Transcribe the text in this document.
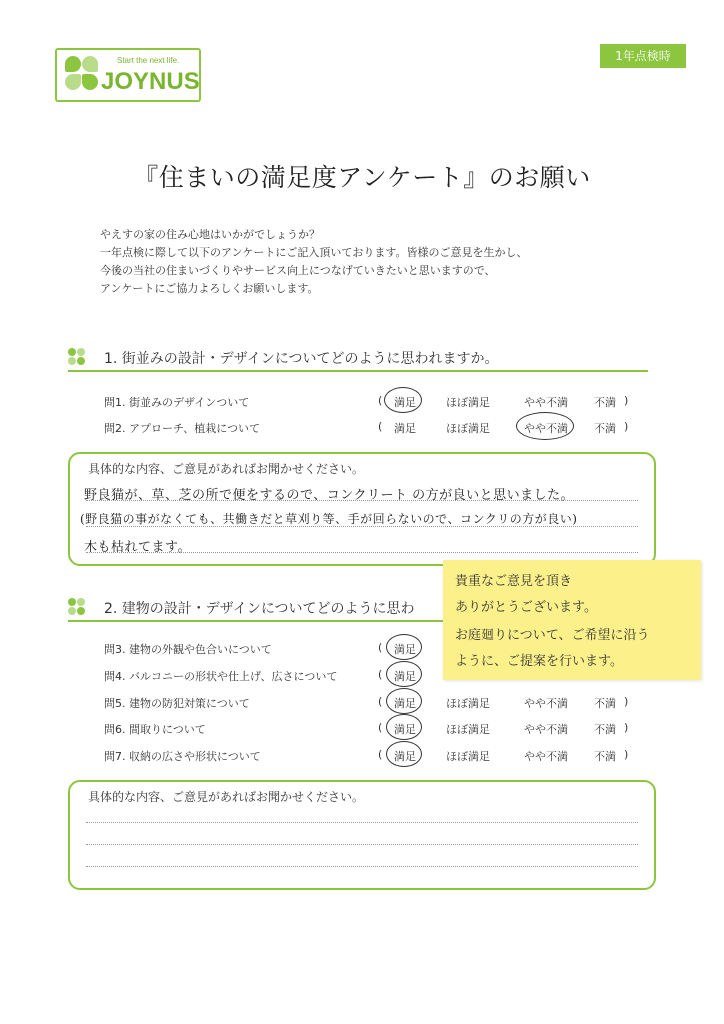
Start the next life.
JOYNUS
1年点検時
『住まいの満足度アンケート』のお願い
やえすの家の住み心地はいかがでしょうか？
一年点検に際して以下のアンケートにご記入頂いております。皆様のご意見を生かし、
今後の当社の住まいづくりやサービス向上につなげていきたいと思いますので、
アンケートにご協力よろしくお願いします。
1. 街並みの設計・デザインについてどのように思われますか。
問1. 街並みのデザインついて	( 満足	ほぼ満足	やや不満 不満 )
問2. アプローチ、植栽について	( 満足	ほぼ満足	やや不満 不満 )
具体的な内容、ご意見があればお聞かせください。
野良猫が、草、芝の所で便をするので、コンクリート の方が良いと思いました。
(野良猫の事がなくても、共働きだと草刈り等、手が回らないので、コンクリの方が良い)
木も枯れてます。
2. 建物の設計・デザインについてどのように思わ
問3. 建物の外観や色合いについて	( 満足
問4. バルコニーの形状や仕上げ、広さについて	( 満足
問5. 建物の防犯対策について	( 満足	ほぼ満足	やや不満 不満 )
問6. 間取りについて	( 満足	ほぼ満足	やや不満 不満 )
問7. 収納の広さや形状について	( 満足	ほぼ満足	やや不満 不満 )
貴重なご意見を頂き
ありがとうございます。
お庭廻りについて、ご希望に沿う
ように、ご提案を行います。
具体的な内容、ご意見があればお聞かせください。
